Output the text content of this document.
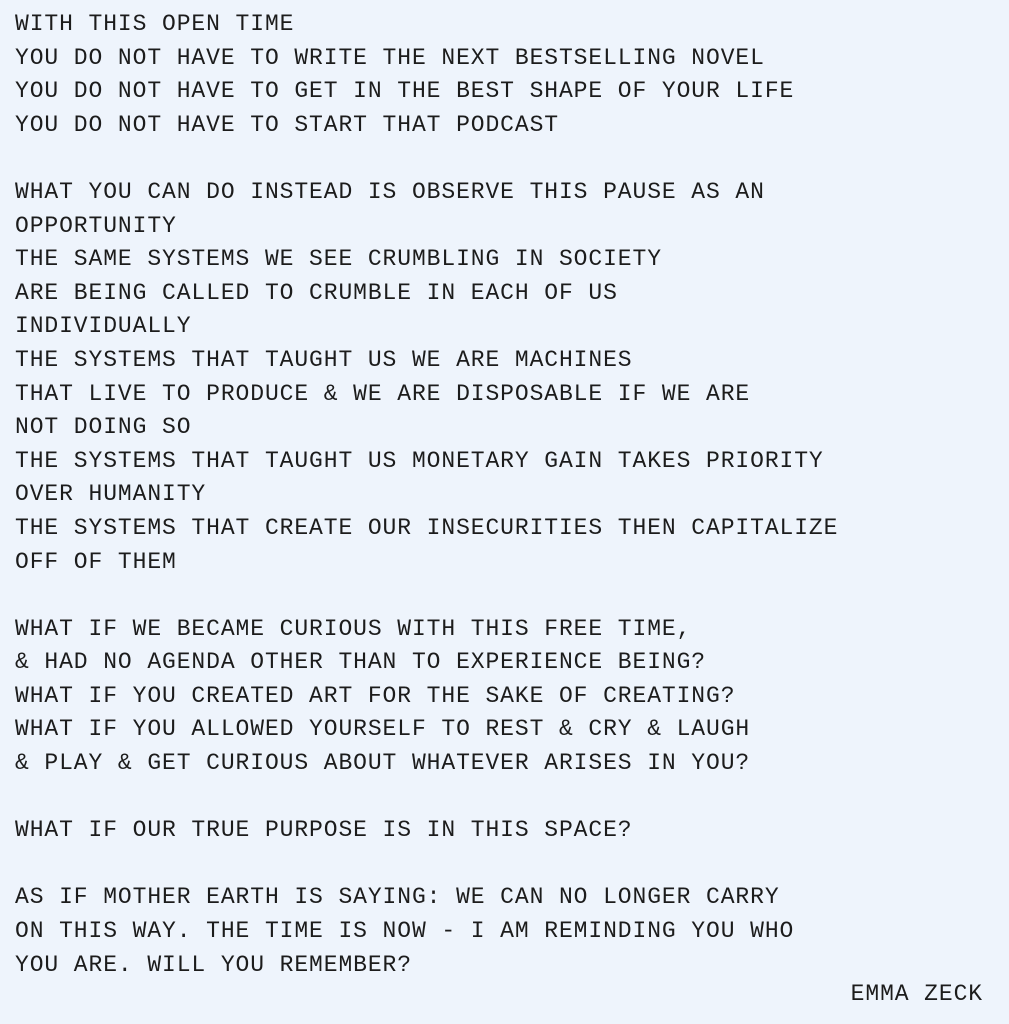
WITH THIS OPEN TIME
YOU DO NOT HAVE TO WRITE THE NEXT BESTSELLING NOVEL
YOU DO NOT HAVE TO GET IN THE BEST SHAPE OF YOUR LIFE
YOU DO NOT HAVE TO START THAT PODCAST
WHAT YOU CAN DO INSTEAD IS OBSERVE THIS PAUSE AS AN
OPPORTUNITY
THE SAME SYSTEMS WE SEE CRUMBLING IN SOCIETY
ARE BEING CALLED TO CRUMBLE IN EACH OF US
INDIVIDUALLY
THE SYSTEMS THAT TAUGHT US WE ARE MACHINES
THAT LIVE TO PRODUCE & WE ARE DISPOSABLE IF WE ARE
NOT DOING SO
THE SYSTEMS THAT TAUGHT US MONETARY GAIN TAKES PRIORITY
OVER HUMANITY
THE SYSTEMS THAT CREATE OUR INSECURITIES THEN CAPITALIZE
OFF OF THEM
WHAT IF WE BECAME CURIOUS WITH THIS FREE TIME,
& HAD NO AGENDA OTHER THAN TO EXPERIENCE BEING?
WHAT IF YOU CREATED ART FOR THE SAKE OF CREATING?
WHAT IF YOU ALLOWED YOURSELF TO REST & CRY & LAUGH
& PLAY & GET CURIOUS ABOUT WHATEVER ARISES IN YOU?
WHAT IF OUR TRUE PURPOSE IS IN THIS SPACE?
AS IF MOTHER EARTH IS SAYING: WE CAN NO LONGER CARRY
ON THIS WAY. THE TIME IS NOW - I AM REMINDING YOU WHO
YOU ARE. WILL YOU REMEMBER?
EMMA ZECK
